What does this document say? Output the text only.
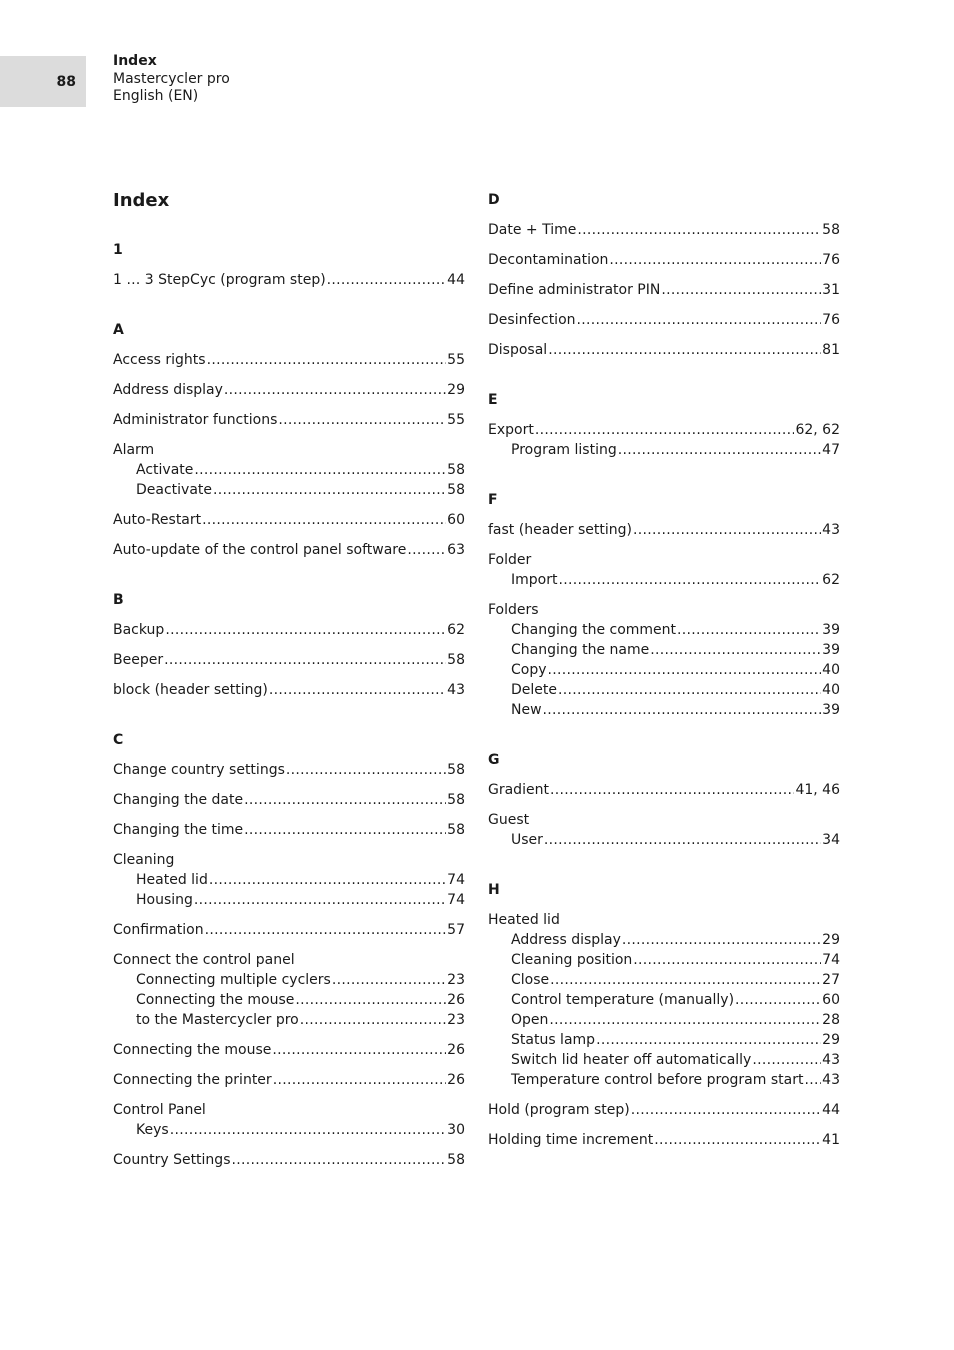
88
Index
Mastercycler pro
English (EN)
Index
1
1 … 3 StepCyc (program step) .....	44
A
Access rights .....	55
Address display .....	29
Administrator functions .....	55
Alarm
Activate .....	58
Deactivate .....	58
Auto-Restart .....	60
Auto-update of the control panel software .....	63
B
Backup .....	62
Beeper .....	58
block (header setting) .....	43
C
Change country settings .....	58
Changing the date .....	58
Changing the time .....	58
Cleaning
Heated lid .....	74
Housing .....	74
Confirmation .....	57
Connect the control panel
Connecting multiple cyclers .....	23
Connecting the mouse .....	26
to the Mastercycler pro .....	23
Connecting the mouse .....	26
Connecting the printer .....	26
Control Panel
Keys .....	30
Country Settings .....	58
D
Date + Time .....	58
Decontamination .....	76
Define administrator PIN .....	31
Desinfection .....	76
Disposal .....	81
E
Export .....	62, 62
Program listing .....	47
F
fast (header setting) .....	43
Folder
Import .....	62
Folders
Changing the comment .....	39
Changing the name .....	39
Copy .....	40
Delete .....	40
New .....	39
G
Gradient .....	41, 46
Guest
User .....	34
H
Heated lid
Address display .....	29
Cleaning position .....	74
Close .....	27
Control temperature (manually) .....	60
Open .....	28
Status lamp .....	29
Switch lid heater off automatically .....	43
Temperature control before program start ..... 43
Hold (program step) .....	44
Holding time increment .....	41
